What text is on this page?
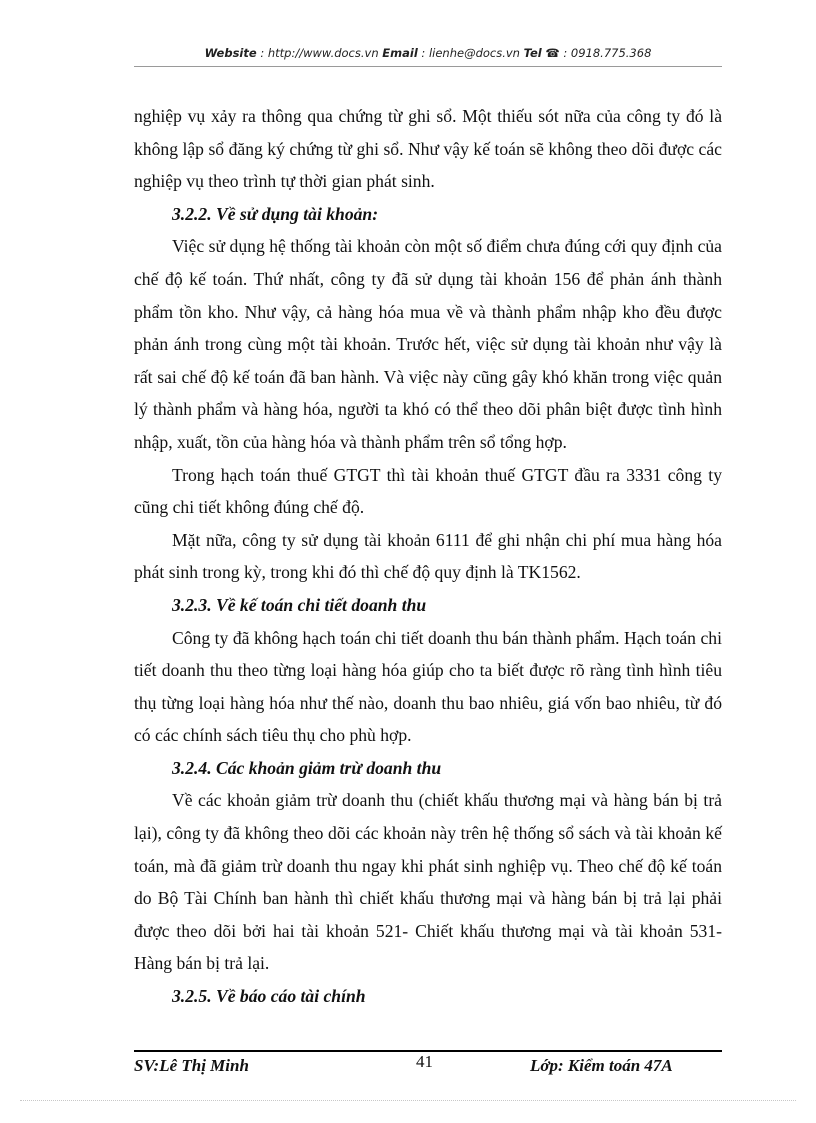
Website : http://www.docs.vn Email : lienhe@docs.vn Tel ☎ : 0918.775.368

nghiệp vụ xảy ra thông qua chứng từ ghi sổ. Một thiếu sót nữa của công ty đó là không lập sổ đăng ký chứng từ ghi sổ. Như vậy kế toán sẽ không theo dõi được các nghiệp vụ theo trình tự thời gian phát sinh.

3.2.2. Về sử dụng tài khoản:

Việc sử dụng hệ thống tài khoản còn một số điểm chưa đúng cới quy định của chế độ kế toán. Thứ nhất, công ty đã sử dụng tài khoản 156 để phản ánh thành phẩm tồn kho. Như vậy, cả hàng hóa mua về và thành phẩm nhập kho đều được phản ánh trong cùng một tài khoản. Trước hết, việc sử dụng tài khoản như vậy là rất sai chế độ kế toán đã ban hành. Và việc này cũng gây khó khăn trong việc quản lý thành phẩm và hàng hóa, người ta khó có thể theo dõi phân biệt được tình hình nhập, xuất, tồn của hàng hóa và thành phẩm trên sổ tổng hợp.

Trong hạch toán thuế GTGT thì tài khoản thuế GTGT đầu ra 3331 công ty cũng chi tiết không đúng chế độ.

Mặt nữa, công ty sử dụng tài khoản 6111 để ghi nhận chi phí mua hàng hóa phát sinh trong kỳ, trong khi đó thì chế độ quy định là TK1562.

3.2.3. Về kế toán chi tiết doanh thu

Công ty đã không hạch toán chi tiết doanh thu bán thành phẩm. Hạch toán chi tiết doanh thu theo từng loại hàng hóa giúp cho ta biết được rõ ràng tình hình tiêu thụ từng loại hàng hóa như thế nào, doanh thu bao nhiêu, giá vốn bao nhiêu, từ đó có các chính sách tiêu thụ cho phù hợp.

3.2.4. Các khoản giảm trừ doanh thu

Về các khoản giảm trừ doanh thu (chiết khấu thương mại và hàng bán bị trả lại), công ty đã không theo dõi các khoản này trên hệ thống sổ sách và tài khoản kế toán, mà đã giảm trừ doanh thu ngay khi phát sinh nghiệp vụ. Theo chế độ kế toán do Bộ Tài Chính ban hành thì chiết khấu thương mại và hàng bán bị trả lại phải được theo dõi bởi hai tài khoản 521- Chiết khấu thương mại và tài khoản 531- Hàng bán bị trả lại.

3.2.5. Về báo cáo tài chính

SV:Lê Thị Minh	41	Lớp: Kiểm toán 47A
